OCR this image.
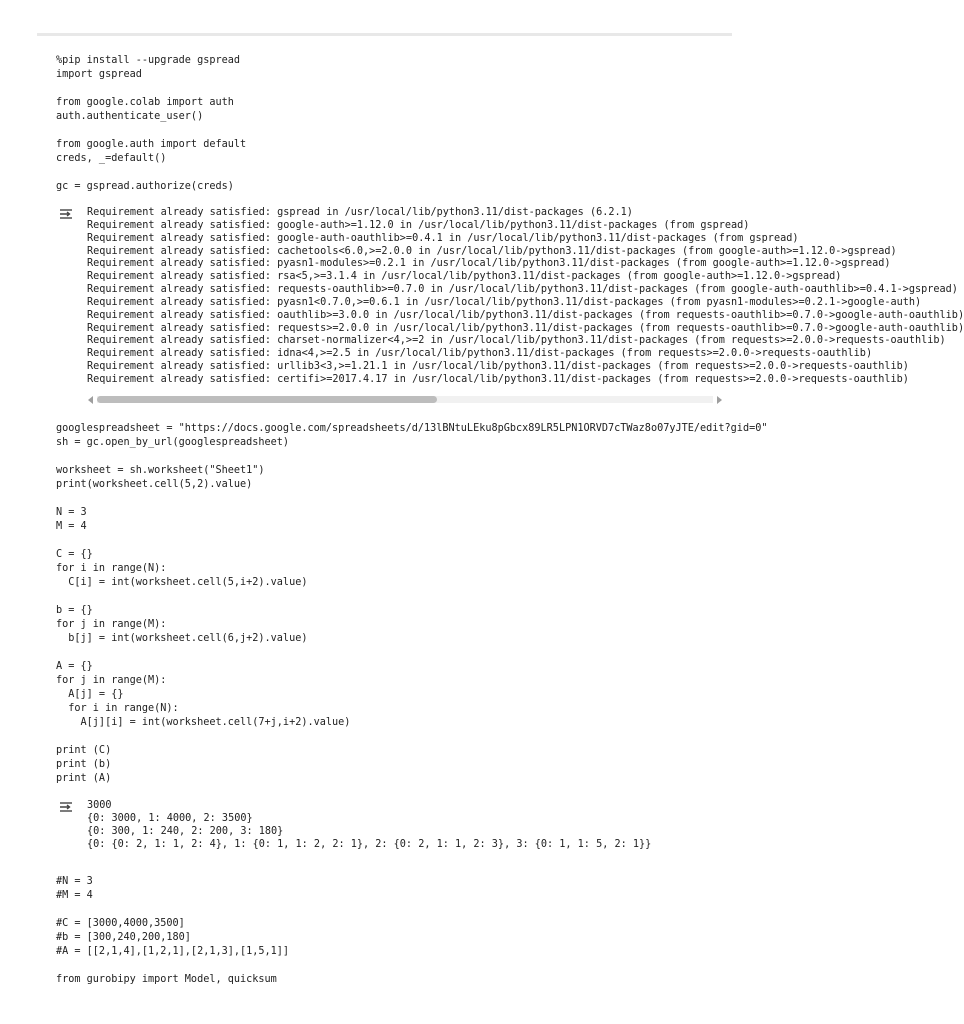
%pip install --upgrade gspread
import gspread
from google.colab import auth
auth.authenticate_user()
from google.auth import default
creds, _=default()
gc = gspread.authorize(creds)
Requirement already satisfied: gspread in /usr/local/lib/python3.11/dist-packages (6.2.1)
Requirement already satisfied: google-auth>=1.12.0 in /usr/local/lib/python3.11/dist-packages (from gspread)
Requirement already satisfied: google-auth-oauthlib>=0.4.1 in /usr/local/lib/python3.11/dist-packages (from gspread)
Requirement already satisfied: cachetools<6.0,>=2.0.0 in /usr/local/lib/python3.11/dist-packages (from google-auth>=1.12.0->gspread)
Requirement already satisfied: pyasn1-modules>=0.2.1 in /usr/local/lib/python3.11/dist-packages (from google-auth>=1.12.0->gspread)
Requirement already satisfied: rsa<5,>=3.1.4 in /usr/local/lib/python3.11/dist-packages (from google-auth>=1.12.0->gspread)
Requirement already satisfied: requests-oauthlib>=0.7.0 in /usr/local/lib/python3.11/dist-packages (from google-auth-oauthlib>=0.4.1->gspread)
Requirement already satisfied: pyasn1<0.7.0,>=0.6.1 in /usr/local/lib/python3.11/dist-packages (from pyasn1-modules>=0.2.1->google-auth)
Requirement already satisfied: oauthlib>=3.0.0 in /usr/local/lib/python3.11/dist-packages (from requests-oauthlib>=0.7.0->google-auth-oauthlib)
Requirement already satisfied: requests>=2.0.0 in /usr/local/lib/python3.11/dist-packages (from requests-oauthlib>=0.7.0->google-auth-oauthlib)
Requirement already satisfied: charset-normalizer<4,>=2 in /usr/local/lib/python3.11/dist-packages (from requests>=2.0.0->requests-oauthlib)
Requirement already satisfied: idna<4,>=2.5 in /usr/local/lib/python3.11/dist-packages (from requests>=2.0.0->requests-oauthlib)
Requirement already satisfied: urllib3<3,>=1.21.1 in /usr/local/lib/python3.11/dist-packages (from requests>=2.0.0->requests-oauthlib)
Requirement already satisfied: certifi>=2017.4.17 in /usr/local/lib/python3.11/dist-packages (from requests>=2.0.0->requests-oauthlib)
googlespreadsheet = "https://docs.google.com/spreadsheets/d/13lBNtuLEku8pGbcx89LR5LPN1ORVD7cTWaz8o07yJTE/edit?gid=0"
sh = gc.open_by_url(googlespreadsheet)
worksheet = sh.worksheet("Sheet1")
print(worksheet.cell(5,2).value)
N = 3
M = 4
C = {}
for i in range(N):
C[i] = int(worksheet.cell(5,i+2).value)
b = {}
for j in range(M):
b[j] = int(worksheet.cell(6,j+2).value)
A = {}
for j in range(M):
A[j] = {}
for i in range(N):
A[j][i] = int(worksheet.cell(7+j,i+2).value)
print (C)
print (b)
print (A)
3000
{0: 3000, 1: 4000, 2: 3500}
{0: 300, 1: 240, 2: 200, 3: 180}
{0: {0: 2, 1: 1, 2: 4}, 1: {0: 1, 1: 2, 2: 1}, 2: {0: 2, 1: 1, 2: 3}, 3: {0: 1, 1: 5, 2: 1}}
#N = 3
#M = 4
#C = [3000,4000,3500]
#b = [300,240,200,180]
#A = [[2,1,4],[1,2,1],[2,1,3],[1,5,1]]
from gurobipy import Model, quicksum
